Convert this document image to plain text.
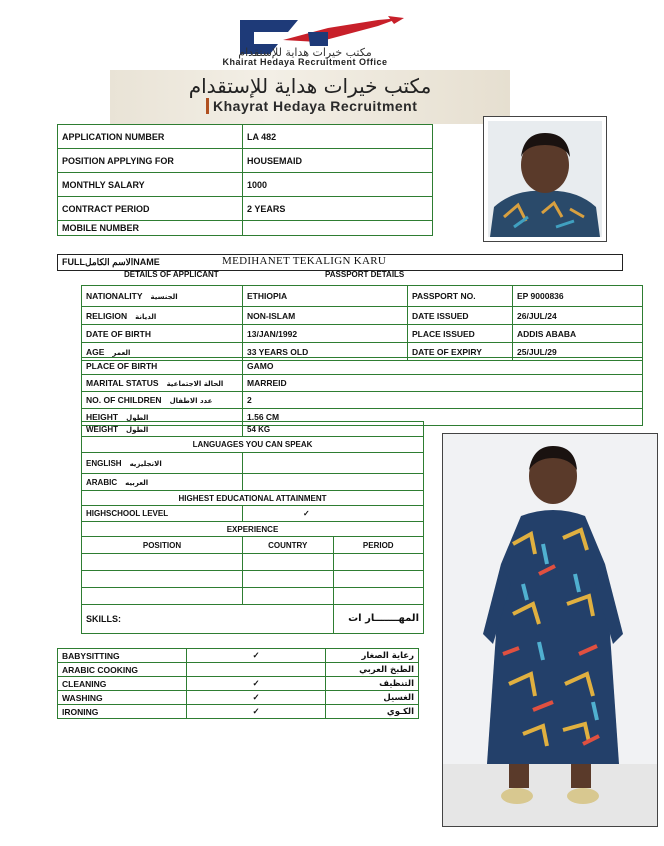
مكتب خيرات هداية للإستقدام
Khairat Hedaya Recruitment Office
مكتب خيرات هداية للإستقدام
Khayrat Hedaya Recruitment
APPLICATION NUMBER	LA 482
POSITION APPLYING FOR	HOUSEMAID
MONTHLY SALARY	1000
CONTRACT PERIOD	2 YEARS
MOBILE NUMBER	
FULLالاسم الكاملNAME	MEDIHANET TEKALIGN KARU
DETAILS OF APPLICANT	PASSPORT DETAILS
NATIONALITY الجنسية	ETHIOPIA	PASSPORT NO.	EP 9000836
RELIGION الديانة	NON-ISLAM	DATE ISSUED	26/JUL/24
DATE OF BIRTH	13/JAN/1992	PLACE ISSUED	ADDIS ABABA
AGE العمر	33 YEARS OLD	DATE OF EXPIRY	25/JUL/29
PLACE OF BIRTH	GAMO
MARITAL STATUS الحالة الاجتماعية	MARREID
NO. OF CHILDREN عدد الاطفال	2
HEIGHT الطول	1.56 CM
WEIGHT الطول	54 KG	
LANGUAGES YOU CAN SPEAK		
ENGLISH الانجليزيه		
ARABIC العربيه		
HIGHEST EDUCATIONAL ATTAINMENT		
HIGHSCHOOL LEVEL	✓	
EXPERIENCE		
POSITION	COUNTRY	PERIOD

SKILLS:		المهـــــــار ات
BABYSITTING	✓	رعاية الصغار
ARABIC COOKING		الطبخ العربي
CLEANING	✓	التنظيف
WASHING	✓	الغسيل
IRONING	✓	الكـوي
